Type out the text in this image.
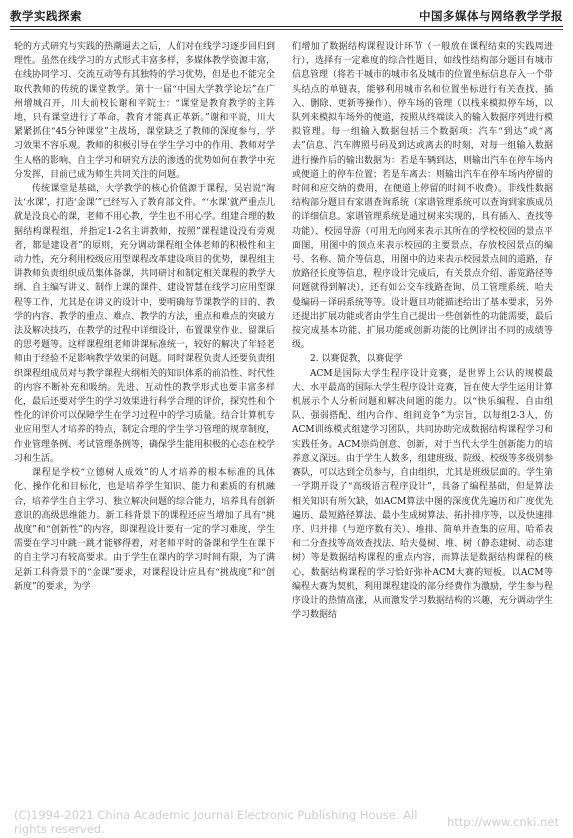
教学实践探索	中国多媒体与网络教学学报

轮的方式研究与实践的热潮逼去之后，人们对在线学习逐步回归到理性。虽然在线学习的方式形式丰富多样，多媒体教学资源丰富，在线协同学习、交流互动等有其独特的学习优势，但是也不能完全取代教师的传统的课堂教学。第十一届“中国大学教学论坛”在广州增城召开，川大前校长谢和平院士：“课堂是教育教学的主阵地，只有课堂进行了革命，教育才能真正革新。”谢和平说，川大紧紧抓住“45分钟课堂”主战场，课堂缺乏了教师的深度参与，学习效果不容乐观。教师的积极引导在学生学习中的作用、教师对学生人格的影响、自主学习和研究方法的渗透的优势如何在教学中充分发挥，目前已成为师生共同关注的问题。

传统课堂是基础，大学教学的核心价值源于课程，吴岩说“淘汰‘水课’，打造‘金课’”已经写入了教育部文件。“‘水课’就严重点儿就是没良心的课，老师不用心教，学生也不用心学。组建合理的数据结构课程组，并指定1-2名主讲教师，按照”课程建设没有旁观者，都是建设者”的原则，充分调动课程组全体老师的积极性和主动力性，充分利用校级应用型课程改革建设项目的优势，课程组主讲教师负责组织成员集体备课，共同研讨和制定相关课程的教学大纲、自主编写讲义、制作上课的课件、建设智慧在线学习应用型课程等工作，尤其是在讲义的设计中，要明确每节课教学的目的、教学的内容、教学的重点、难点、教学的方法，重点和难点的突破方法及解决技巧，在教学的过程中详细设计，布置课堂作业、留课后的思考题等。这样课程组老师讲课标准统一，较好的解决了年轻老师由于经验不足影响教学效果的问题。同时课程负责人还要负责组织课程组成员对与教学课程大纲相关的知识体系的前沿性、时代性的内容不断补充和吸纳。先进、互动性的教学形式也要丰富多样化，最后还要对学生的学习效果进行科学合理的评价，探究性和个性化的评价可以保障学生在学习过程中的学习质量。结合计算机专业应用型人才培养的特点，制定合理的学生学习管理的规章制度，作业管理条例、考试管理条例等，确保学生能用积极的心态在校学习和生活。

课程是学校“立德树人成效”的人才培养的根本标准的具体化、操作化和目标化，也是培养学生知识、能力和素质的有机融合，培养学生自主学习、独立解决问题的综合能力，培养具有创新意识的高级思维能力。新工科背景下的课程还应当增加了具有“挑战度”和“创新性”的内容，即课程设计要有一定的学习难度，学生需要在学习中跳一跳才能够得着，对老师平时的备课和学生在课下的自主学习有较高要求。由于学生在课内的学习时间有限，为了满足新工科背景下的“金课”要求，对课程设计应具有“挑战度”和“创新度”的要求，为学

们增加了数据结构课程设计环节（一般放在课程结束的实践周进行），选择有一定难度的综合性题目，如线性结构部分题目有城市信息管理（将若干城市的城市名及城市的位置坐标信息存入一个带头结点的单链表，能够利用城市名和位置坐标进行有关查找、插入、删除、更新等操作）、停车场的管理（以栈来模拟停车场，以队列来模拟车场外的便道，按照从终端读入的输入数据序列进行模拟管理。每一组输入数据包括三个数据项：汽车“到达”或“离去”信息、汽车牌照号码及到达或离去的时刻，对每一组输入数据进行操作后的输出数据为：若是车辆到达，则输出汽车在停车场内或便道上的停车位置；若是车离去：则输出汽车在停车场内停留的时间和应交纳的费用，在便道上停留的时间不收费）。非线性数据结构部分题目有家谱查询系统（家谱管理系统可以查询到家族成员的详细信息。家谱管理系统是通过树来实现的，具有插入、查找等功能）、校园导游（可用无向网来表示其所在的学校校园的景点平面图，用图中的顶点来表示校园的主要景点，存放校园景点的编号、名称、简介等信息，用图中的边来表示校园景点间的道路，存放路径长度等信息，程序设计完成后，有关景点介绍、游览路径等问题就得到解决），还有如公交车线路查询、员工管理系统、哈夫曼编码－译码系统等等。设计题目功能描述给出了基本要求，另外还提出扩展功能或者由学生自己提出一些创新性的功能需要，最后按完成基本功能、扩展功能或创新功能的比例评出不同的成绩等级。

2. 以赛促教，以赛促学

ACM是国际大学生程序设计竞赛，是世界上公认的规模最大、水平最高的国际大学生程序设计竞赛，旨在使大学生运用计算机展示个人分析问题和解决问题的能力。以“快乐编程、自由组队、强弱搭配、组内合作、组间竞争”为宗旨，以每组2-3人，仿ACM训练模式组建学习团队，共同协助完成数据结构课程学习和实践任务。ACM崇尚创意、创新，对于当代大学生创新能力的培养意义深远。由于学生人数多，组建班级、院级、校级等多级别参赛队，可以达到全员参与，自由组织，尤其是班级层面的。学生第一学期开设了“高级语言程序设计”，具备了编程基础，但是算法相关知识有所欠缺，如ACM算法中图的深度优先遍历和广度优先遍历、最短路径算法、最小生成树算法、拓扑排序等，以及快速排序、归并排（与逆序数有关）、堆排、简单并查集的应用、哈希表和二分查找等高效查找法、哈夫曼树、堆、树（静态建树、动态建树）等是数据结构课程的重点内容，而算法是数据结构课程的核心，数据结构课程的学习恰好弥补ACM大赛的短板。以ACM等编程大赛为契机，利用课程建设的部分经费作为激励，学生参与程序设计的热情高涨，从而激发学习数据结构的兴趣，充分调动学生学习数据结

(C)1994-2021 China Academic Journal Electronic Publishing House. All rights reserved.	http://www.cnki.net
